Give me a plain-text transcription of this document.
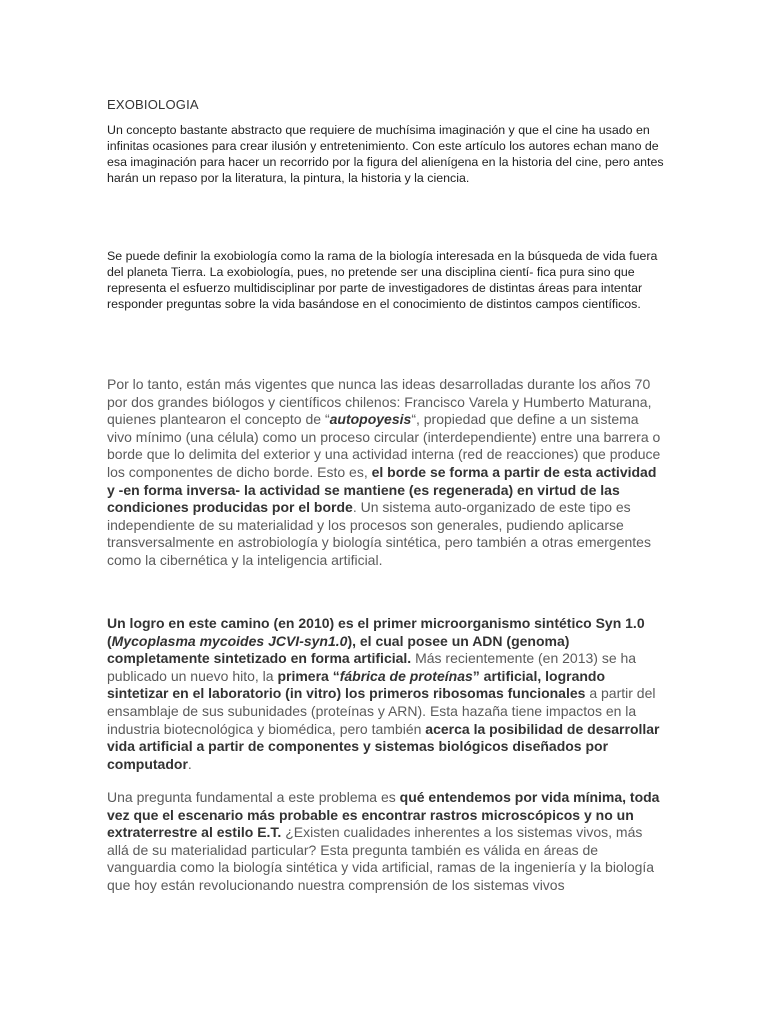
EXOBIOLOGIA

Un concepto bastante abstracto que requiere de muchísima imaginación y que el cine ha usado en infinitas ocasiones para crear ilusión y entretenimiento. Con este artículo los autores echan mano de esa imaginación para hacer un recorrido por la figura del alienígena en la historia del cine, pero antes harán un repaso por la literatura, la pintura, la historia y la ciencia.

Se puede definir la exobiología como la rama de la biología interesada en la búsqueda de vida fuera del planeta Tierra. La exobiología, pues, no pretende ser una disciplina cientí- fica pura sino que representa el esfuerzo multidisciplinar por parte de investigadores de distintas áreas para intentar responder preguntas sobre la vida basándose en el conocimiento de distintos campos científicos.

Por lo tanto, están más vigentes que nunca las ideas desarrolladas durante los años 70 por dos grandes biólogos y científicos chilenos: Francisco Varela y Humberto Maturana, quienes plantearon el concepto de “autopoyesis“, propiedad que define a un sistema vivo mínimo (una célula) como un proceso circular (interdependiente) entre una barrera o borde que lo delimita del exterior y una actividad interna (red de reacciones) que produce los componentes de dicho borde. Esto es, el borde se forma a partir de esta actividad y -en forma inversa- la actividad se mantiene (es regenerada) en virtud de las condiciones producidas por el borde. Un sistema auto-organizado de este tipo es independiente de su materialidad y los procesos son generales, pudiendo aplicarse transversalmente en astrobiología y biología sintética, pero también a otras emergentes como la cibernética y la inteligencia artificial.

Un logro en este camino (en 2010) es el primer microorganismo sintético Syn 1.0 (Mycoplasma mycoides JCVI-syn1.0), el cual posee un ADN (genoma) completamente sintetizado en forma artificial. Más recientemente (en 2013) se ha publicado un nuevo hito, la primera “fábrica de proteínas” artificial, logrando sintetizar en el laboratorio (in vitro) los primeros ribosomas funcionales a partir del ensamblaje de sus subunidades (proteínas y ARN). Esta hazaña tiene impactos en la industria biotecnológica y biomédica, pero también acerca la posibilidad de desarrollar vida artificial a partir de componentes y sistemas biológicos diseñados por computador.

Una pregunta fundamental a este problema es qué entendemos por vida mínima, toda vez que el escenario más probable es encontrar rastros microscópicos y no un extraterrestre al estilo E.T. ¿Existen cualidades inherentes a los sistemas vivos, más allá de su materialidad particular? Esta pregunta también es válida en áreas de vanguardia como la biología sintética y vida artificial, ramas de la ingeniería y la biología que hoy están revolucionando nuestra comprensión de los sistemas vivos
